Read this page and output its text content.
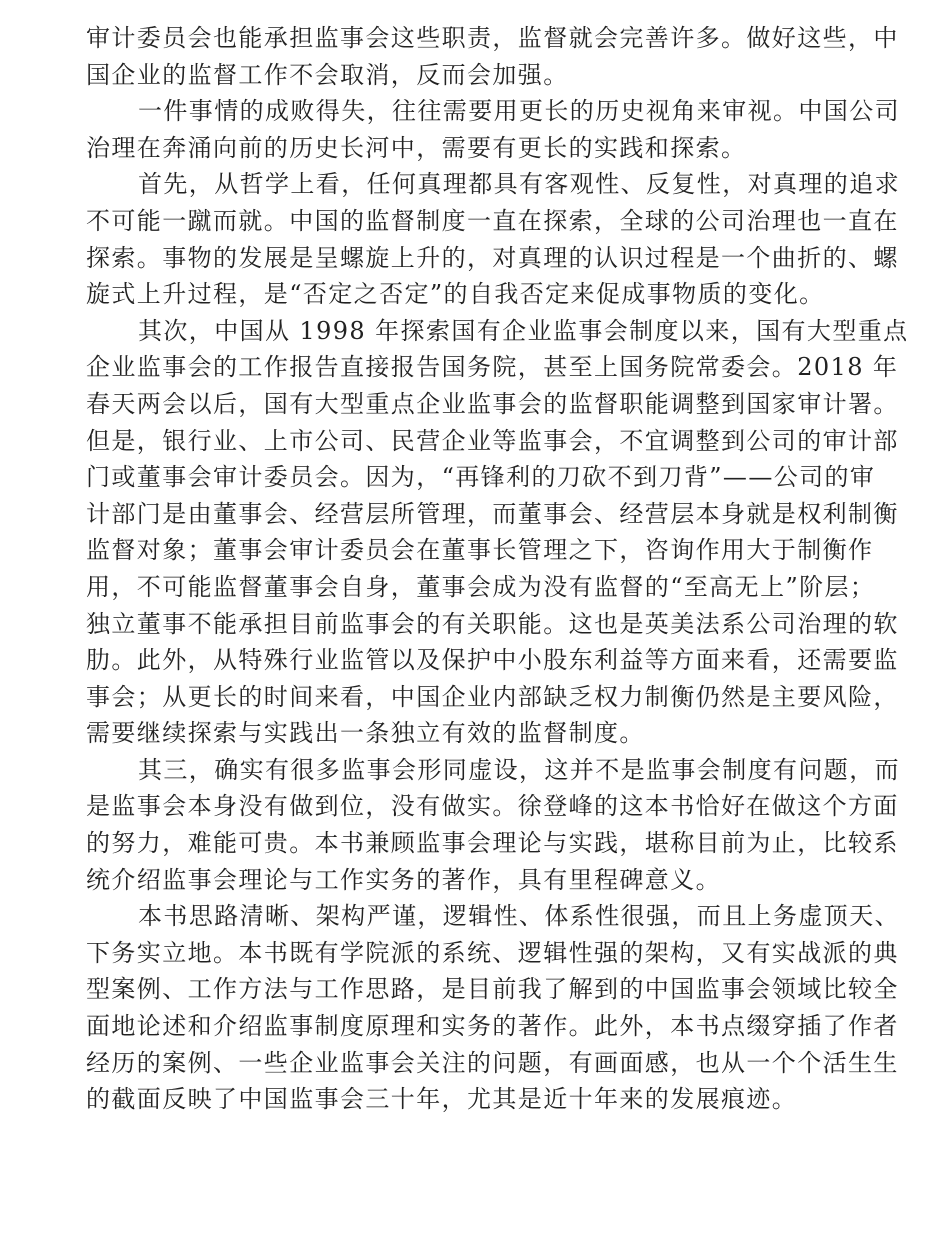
审计委员会也能承担监事会这些职责，监督就会完善许多。做好这些，中
国企业的监督工作不会取消，反而会加强。

一件事情的成败得失，往往需要用更长的历史视角来审视。中国公司
治理在奔涌向前的历史长河中，需要有更长的实践和探索。

首先，从哲学上看，任何真理都具有客观性、反复性，对真理的追求
不可能一蹴而就。中国的监督制度一直在探索，全球的公司治理也一直在
探索。事物的发展是呈螺旋上升的，对真理的认识过程是一个曲折的、螺
旋式上升过程，是“否定之否定”的自我否定来促成事物质的变化。

其次，中国从 1998 年探索国有企业监事会制度以来，国有大型重点
企业监事会的工作报告直接报告国务院，甚至上国务院常委会。2018 年
春天两会以后，国有大型重点企业监事会的监督职能调整到国家审计署。
但是，银行业、上市公司、民营企业等监事会，不宜调整到公司的审计部
门或董事会审计委员会。因为，“再锋利的刀砍不到刀背”——公司的审
计部门是由董事会、经营层所管理，而董事会、经营层本身就是权利制衡
监督对象；董事会审计委员会在董事长管理之下，咨询作用大于制衡作
用，不可能监督董事会自身，董事会成为没有监督的“至高无上”阶层；
独立董事不能承担目前监事会的有关职能。这也是英美法系公司治理的软
肋。此外，从特殊行业监管以及保护中小股东利益等方面来看，还需要监
事会；从更长的时间来看，中国企业内部缺乏权力制衡仍然是主要风险，
需要继续探索与实践出一条独立有效的监督制度。

其三，确实有很多监事会形同虚设，这并不是监事会制度有问题，而
是监事会本身没有做到位，没有做实。徐登峰的这本书恰好在做这个方面
的努力，难能可贵。本书兼顾监事会理论与实践，堪称目前为止，比较系
统介绍监事会理论与工作实务的著作，具有里程碑意义。

本书思路清晰、架构严谨，逻辑性、体系性很强，而且上务虚顶天、
下务实立地。本书既有学院派的系统、逻辑性强的架构，又有实战派的典
型案例、工作方法与工作思路，是目前我了解到的中国监事会领域比较全
面地论述和介绍监事制度原理和实务的著作。此外，本书点缀穿插了作者
经历的案例、一些企业监事会关注的问题，有画面感，也从一个个活生生
的截面反映了中国监事会三十年，尤其是近十年来的发展痕迹。
